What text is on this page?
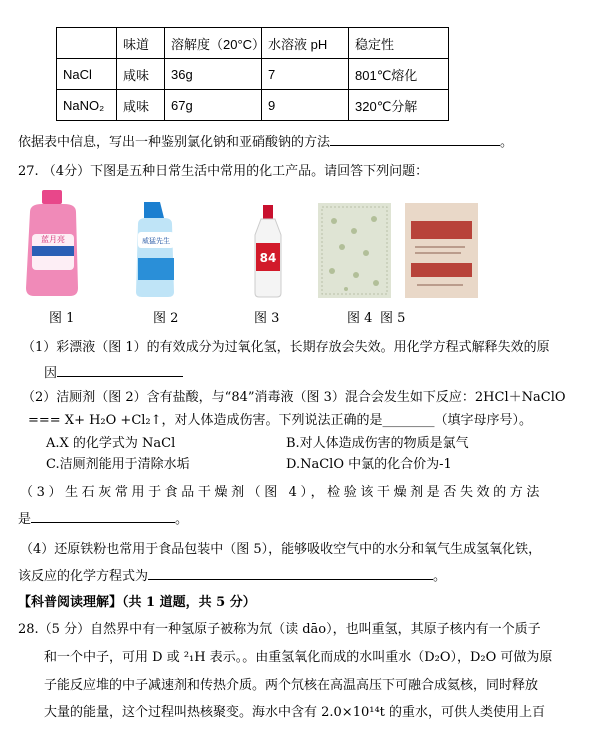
	味道	溶解度（20°C）	水溶液 pH	稳定性
NaCl	咸味	36g	7	801℃熔化
NaNO₂	咸味	67g	9	320℃分解
依据表中信息，写出一种鉴别氯化钠和亚硝酸钠的方法	。
27. （4分）下图是五种日常生活中常用的化工产品。请回答下列问题：
蓝月亮	威猛先生
84
图 1	图 2	图 3	图 4 图 5
（1）彩漂液（图 1）的有效成分为过氧化氢，长期存放会失效。用化学方程式解释失效的原
因
（2）洁厕剂（图 2）含有盐酸，与“84”消毒液（图 3）混合会发生如下反应：2HCl＋NaClO
=== X+ H₂O +Cl₂↑，对人体造成伤害。下列说法正确的是________（填字母序号）。
A.X 的化学式为 NaCl	B.对人体造成伤害的物质是氯气
C.洁厕剂能用于清除水垢	D.NaClO 中氯的化合价为-1
（3）生石灰常用于食品干燥剂（图 4），检验该干燥剂是否失效的方法
是	。
（4）还原铁粉也常用于食品包装中（图 5），能够吸收空气中的水分和氧气生成氢氧化铁，
该反应的化学方程式为	。
【科普阅读理解】（共 1 道题，共 5 分）
28.（5 分）自然界中有一种氢原子被称为氘（读 dāo），也叫重氢，其原子核内有一个质子
和一个中子，可用 D 或 ²₁H 表示。。由重氢氧化而成的水叫重水（D₂O），D₂O 可做为原
子能反应堆的中子减速剂和传热介质。两个氘核在高温高压下可融合成氦核，同时释放
大量的能量，这个过程叫热核聚变。海水中含有 2.0×10¹⁴t 的重水，可供人类使用上百
